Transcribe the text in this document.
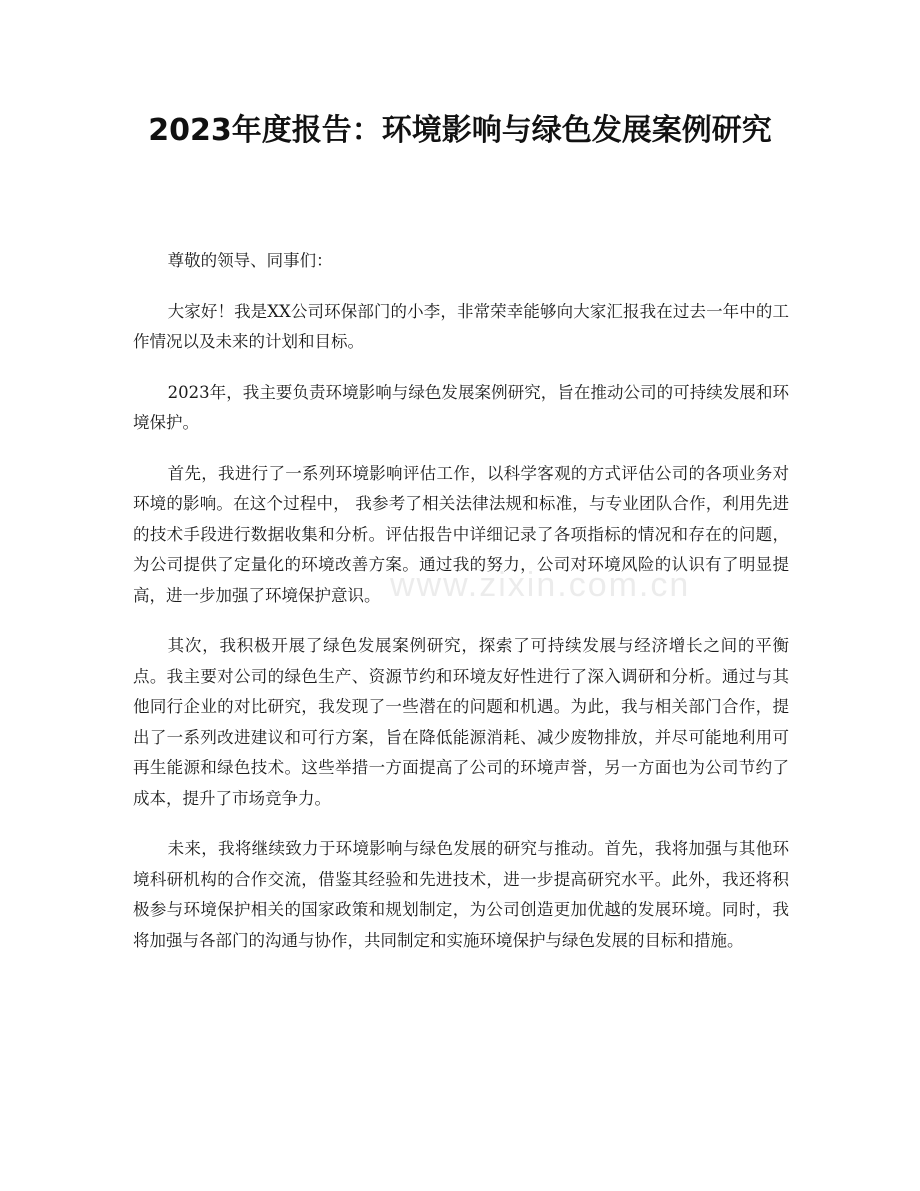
2023年度报告：环境影响与绿色发展案例研究

尊敬的领导、同事们：

大家好！我是XX公司环保部门的小李，非常荣幸能够向大家汇报我在过去一年中的工作情况以及未来的计划和目标。

2023年，我主要负责环境影响与绿色发展案例研究，旨在推动公司的可持续发展和环境保护。

首先，我进行了一系列环境影响评估工作，以科学客观的方式评估公司的各项业务对环境的影响。在这个过程中， 我参考了相关法律法规和标准，与专业团队合作，利用先进的技术手段进行数据收集和分析。评估报告中详细记录了各项指标的情况和存在的问题，为公司提供了定量化的环境改善方案。通过我的努力，公司对环境风险的认识有了明显提高，进一步加强了环境保护意识。

其次，我积极开展了绿色发展案例研究，探索了可持续发展与经济增长之间的平衡点。我主要对公司的绿色生产、资源节约和环境友好性进行了深入调研和分析。通过与其他同行企业的对比研究，我发现了一些潜在的问题和机遇。为此，我与相关部门合作，提出了一系列改进建议和可行方案，旨在降低能源消耗、减少废物排放，并尽可能地利用可再生能源和绿色技术。这些举措一方面提高了公司的环境声誉，另一方面也为公司节约了成本，提升了市场竞争力。

未来，我将继续致力于环境影响与绿色发展的研究与推动。首先，我将加强与其他环境科研机构的合作交流，借鉴其经验和先进技术，进一步提高研究水平。此外，我还将积极参与环境保护相关的国家政策和规划制定，为公司创造更加优越的发展环境。同时，我将加强与各部门的沟通与协作，共同制定和实施环境保护与绿色发展的目标和措施。

www.zixin.com.cn
